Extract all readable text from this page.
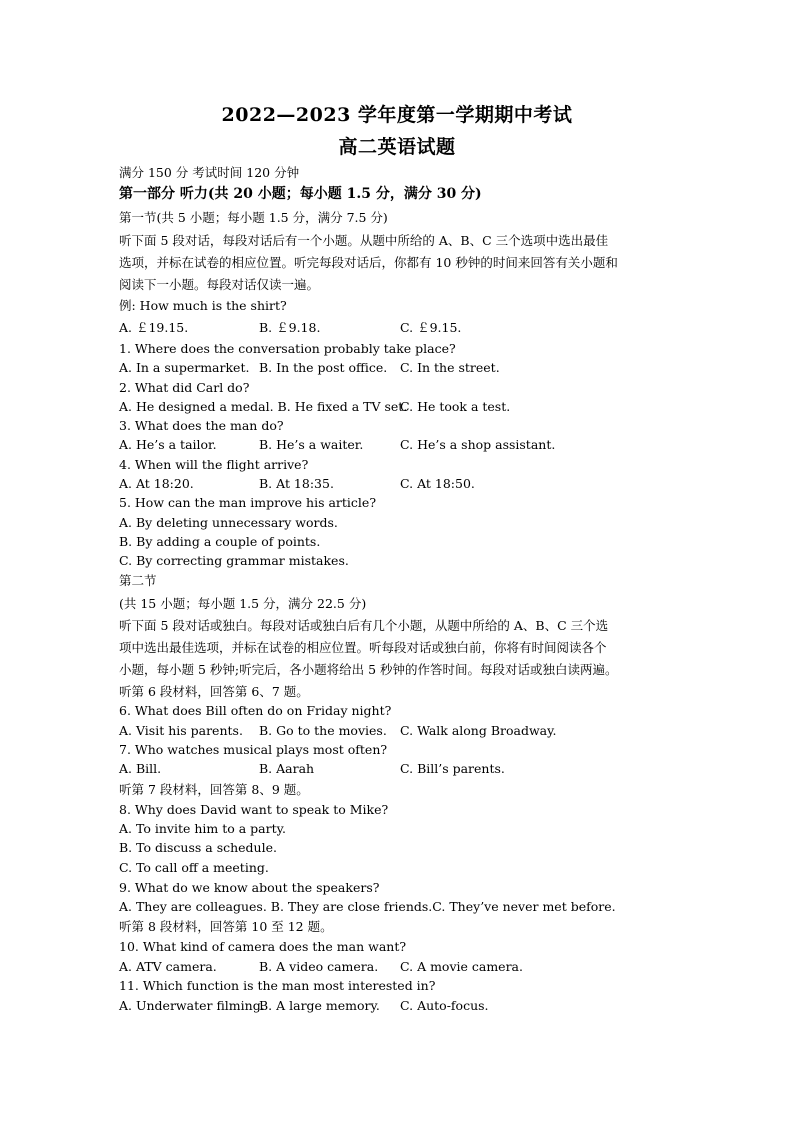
2022—2023 学年度第一学期期中考试
高二英语试题
满分 150 分 考试时间 120 分钟
第一部分 听力(共 20 小题；每小题 1.5 分，满分 30 分)
第一节(共 5 小题；每小题 1.5 分，满分 7.5 分)
听下面 5 段对话，每段对话后有一个小题。从题中所给的 A、B、C 三个选项中选出最佳
选项，并标在试卷的相应位置。听完每段对话后，你都有 10 秒钟的时间来回答有关小题和
阅读下一小题。每段对话仅读一遍。
例: How much is the shirt?
A. ￡19.15.	B. ￡9.18.	C. ￡9.15.
1. Where does the conversation probably take place?
A. In a supermarket. B. In the post office. C. In the street.
2. What did Carl do?
A. He designed a medal. B. He fixed a TV set.
C. He took a test.
3. What does the man do?
A. He’s a tailor.	B. He’s a waiter.	C. He’s a shop assistant.
4. When will the flight arrive?
A. At 18:20.	B. At 18:35.	C. At 18:50.
5. How can the man improve his article?
A. By deleting unnecessary words.
B. By adding a couple of points.
C. By correcting grammar mistakes.
第二节
(共 15 小题；每小题 1.5 分，满分 22.5 分)
听下面 5 段对话或独白。每段对话或独白后有几个小题，从题中所给的 A、B、C 三个选
项中选出最佳选项，并标在试卷的相应位置。听每段对话或独白前，你将有时间阅读各个
小题，每小题 5 秒钟;听完后，各小题将给出 5 秒钟的作答时间。每段对话或独白读两遍。
听第 6 段材料，回答第 6、7 题。
6. What does Bill often do on Friday night?
A. Visit his parents. B. Go to the movies. C. Walk along Broadway.
7. Who watches musical plays most often?
A. Bill.	B. Aarah	C. Bill’s parents.
听第 7 段材料，回答第 8、9 题。
8. Why does David want to speak to Mike?
A. To invite him to a party.
B. To discuss a schedule.
C. To call off a meeting.
9. What do we know about the speakers?
A. They are colleagues. B. They are close friends.C. They’ve never met before.
听第 8 段材料，回答第 10 至 12 题。
10. What kind of camera does the man want?
A. ATV camera.	B. A video camera. C. A movie camera.
11. Which function is the man most interested in?
A. Underwater filming.
B. A large memory. C. Auto-focus.
